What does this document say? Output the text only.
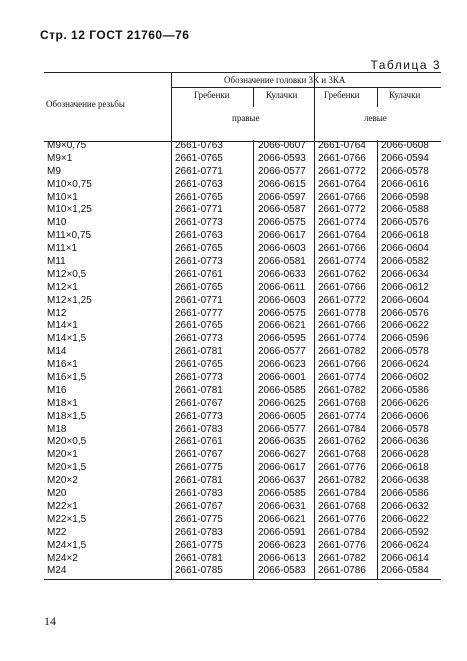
Стр. 12 ГОСТ 21760—76
Таблица 3
Обозначение головки 3К и 3КА
Обозначение резьбы
Гребенки	Кулачки	Гребенки	Кулачки
правые	левые
M9×0,75	2661-0763	2066-0607 2661-0764 2066-0608
M9×1	2661-0765	2066-0593 2661-0766 2066-0594
M9	2661-0771	2066-0577 2661-0772 2066-0578
M10×0,75	2661-0763	2066-0615 2661-0764 2066-0616
M10×1	2661-0765	2066-0597 2661-0766 2066-0598
M10×1,25	2661-0771	2066-0587 2661-0772 2066-0588
M10	2661-0773	2066-0575 2661-0774 2066-0576
M11×0,75	2661-0763	2066-0617 2661-0764 2066-0618
M11×1	2661-0765	2066-0603 2661-0766 2066-0604
M11	2661-0773	2066-0581 2661-0774 2066-0582
M12×0,5	2661-0761	2066-0633 2661-0762 2066-0634
M12×1	2661-0765	2066-0611 2661-0766 2066-0612
M12×1,25	2661-0771	2066-0603 2661-0772 2066-0604
M12	2661-0777	2066-0575 2661-0778 2066-0576
M14×1	2661-0765	2066-0621 2661-0766 2066-0622
M14×1,5	2661-0773	2066-0595 2661-0774 2066-0596
M14	2661-0781	2066-0577 2661-0782 2066-0578
M16×1	2661-0765	2066-0623 2661-0766 2066-0624
M16×1,5	2661-0773	2066-0601 2661-0774 2066-0602
M16	2661-0781	2066-0585 2661-0782 2066-0586
M18×1	2661-0767	2066-0625 2661-0768 2066-0626
M18×1,5	2661-0773	2066-0605 2661-0774 2066-0606
M18	2661-0783	2066-0577 2661-0784 2066-0578
M20×0,5	2661-0761	2066-0635 2661-0762 2066-0636
M20×1	2661-0767	2066-0627 2661-0768 2066-0628
M20×1,5	2661-0775	2066-0617 2661-0776 2066-0618
M20×2	2661-0781	2066-0637 2661-0782 2066-0638
M20	2661-0783	2066-0585 2661-0784 2066-0586
M22×1	2661-0767	2066-0631 2661-0768 2066-0632
M22×1,5	2661-0775	2066-0621 2661-0776 2066-0622
M22	2661-0783	2066-0591 2661-0784 2066-0592
M24×1,5	2661-0775	2066-0623 2661-0776 2066-0624
M24×2	2661-0781	2066-0613 2661-0782 2066-0614
M24	2661-0785	2066-0583 2661-0786 2066-0584
14
